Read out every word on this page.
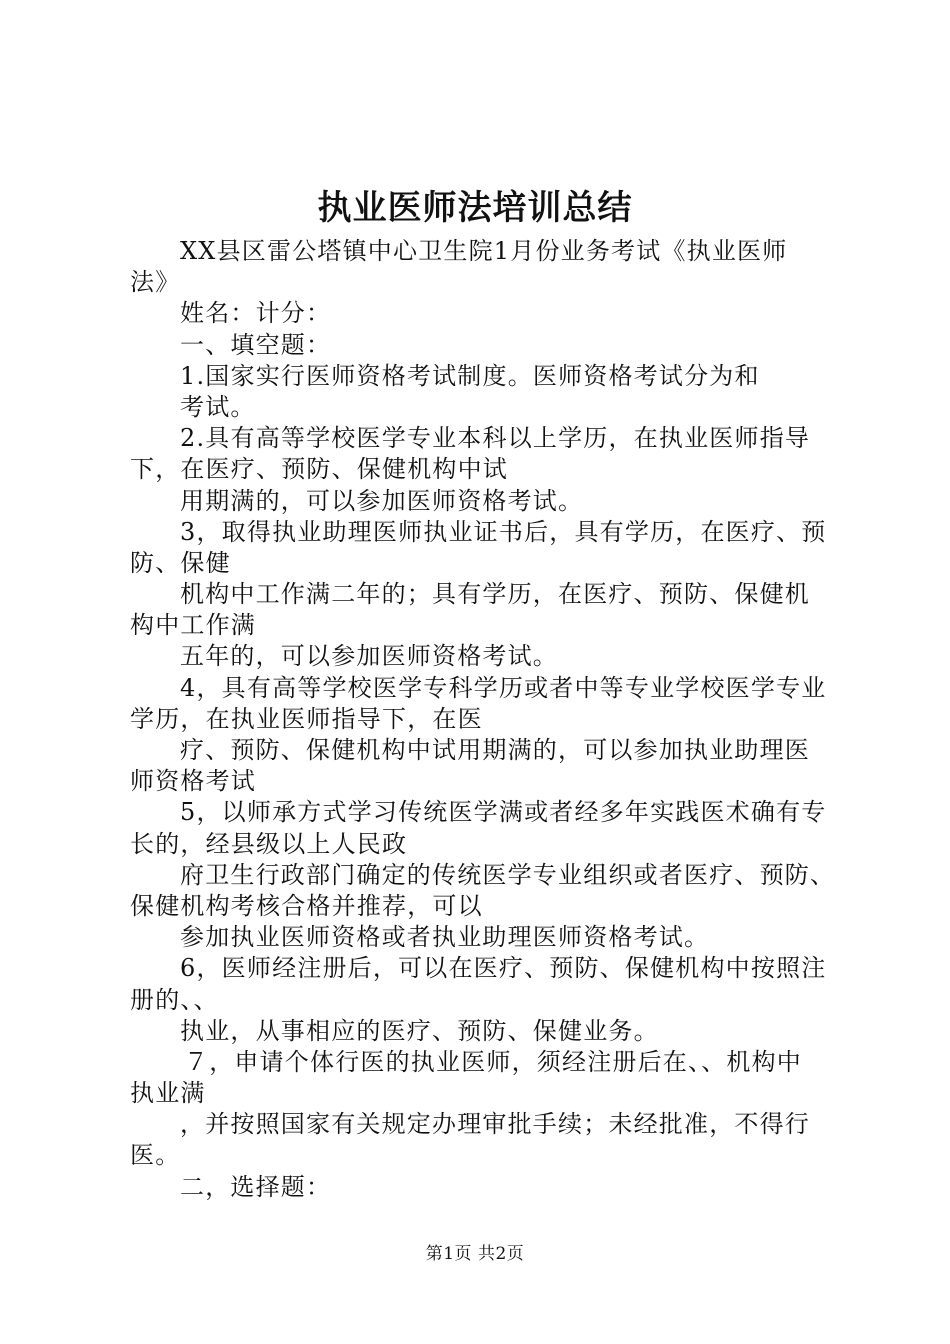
执业医师法培训总结
XX县区雷公塔镇中心卫生院1月份业务考试《执业医师
法》
姓名：计分：
一、填空题：
1.国家实行医师资格考试制度。医师资格考试分为和
考试。
2.具有高等学校医学专业本科以上学历，在执业医师指导
下，在医疗、预防、保健机构中试
用期满的，可以参加医师资格考试。
3，取得执业助理医师执业证书后，具有学历，在医疗、预
防、保健
机构中工作满二年的；具有学历，在医疗、预防、保健机
构中工作满
五年的，可以参加医师资格考试。
4，具有高等学校医学专科学历或者中等专业学校医学专业
学历，在执业医师指导下，在医
疗、预防、保健机构中试用期满的，可以参加执业助理医
师资格考试
5，以师承方式学习传统医学满或者经多年实践医术确有专
长的，经县级以上人民政
府卫生行政部门确定的传统医学专业组织或者医疗、预防、
保健机构考核合格并推荐，可以
参加执业医师资格或者执业助理医师资格考试。
6，医师经注册后，可以在医疗、预防、保健机构中按照注
册的、、
执业，从事相应的医疗、预防、保健业务。
７，申请个体行医的执业医师，须经注册后在、、机构中
执业满
，并按照国家有关规定办理审批手续；未经批准，不得行
医。
二，选择题：
第1页 共2页
